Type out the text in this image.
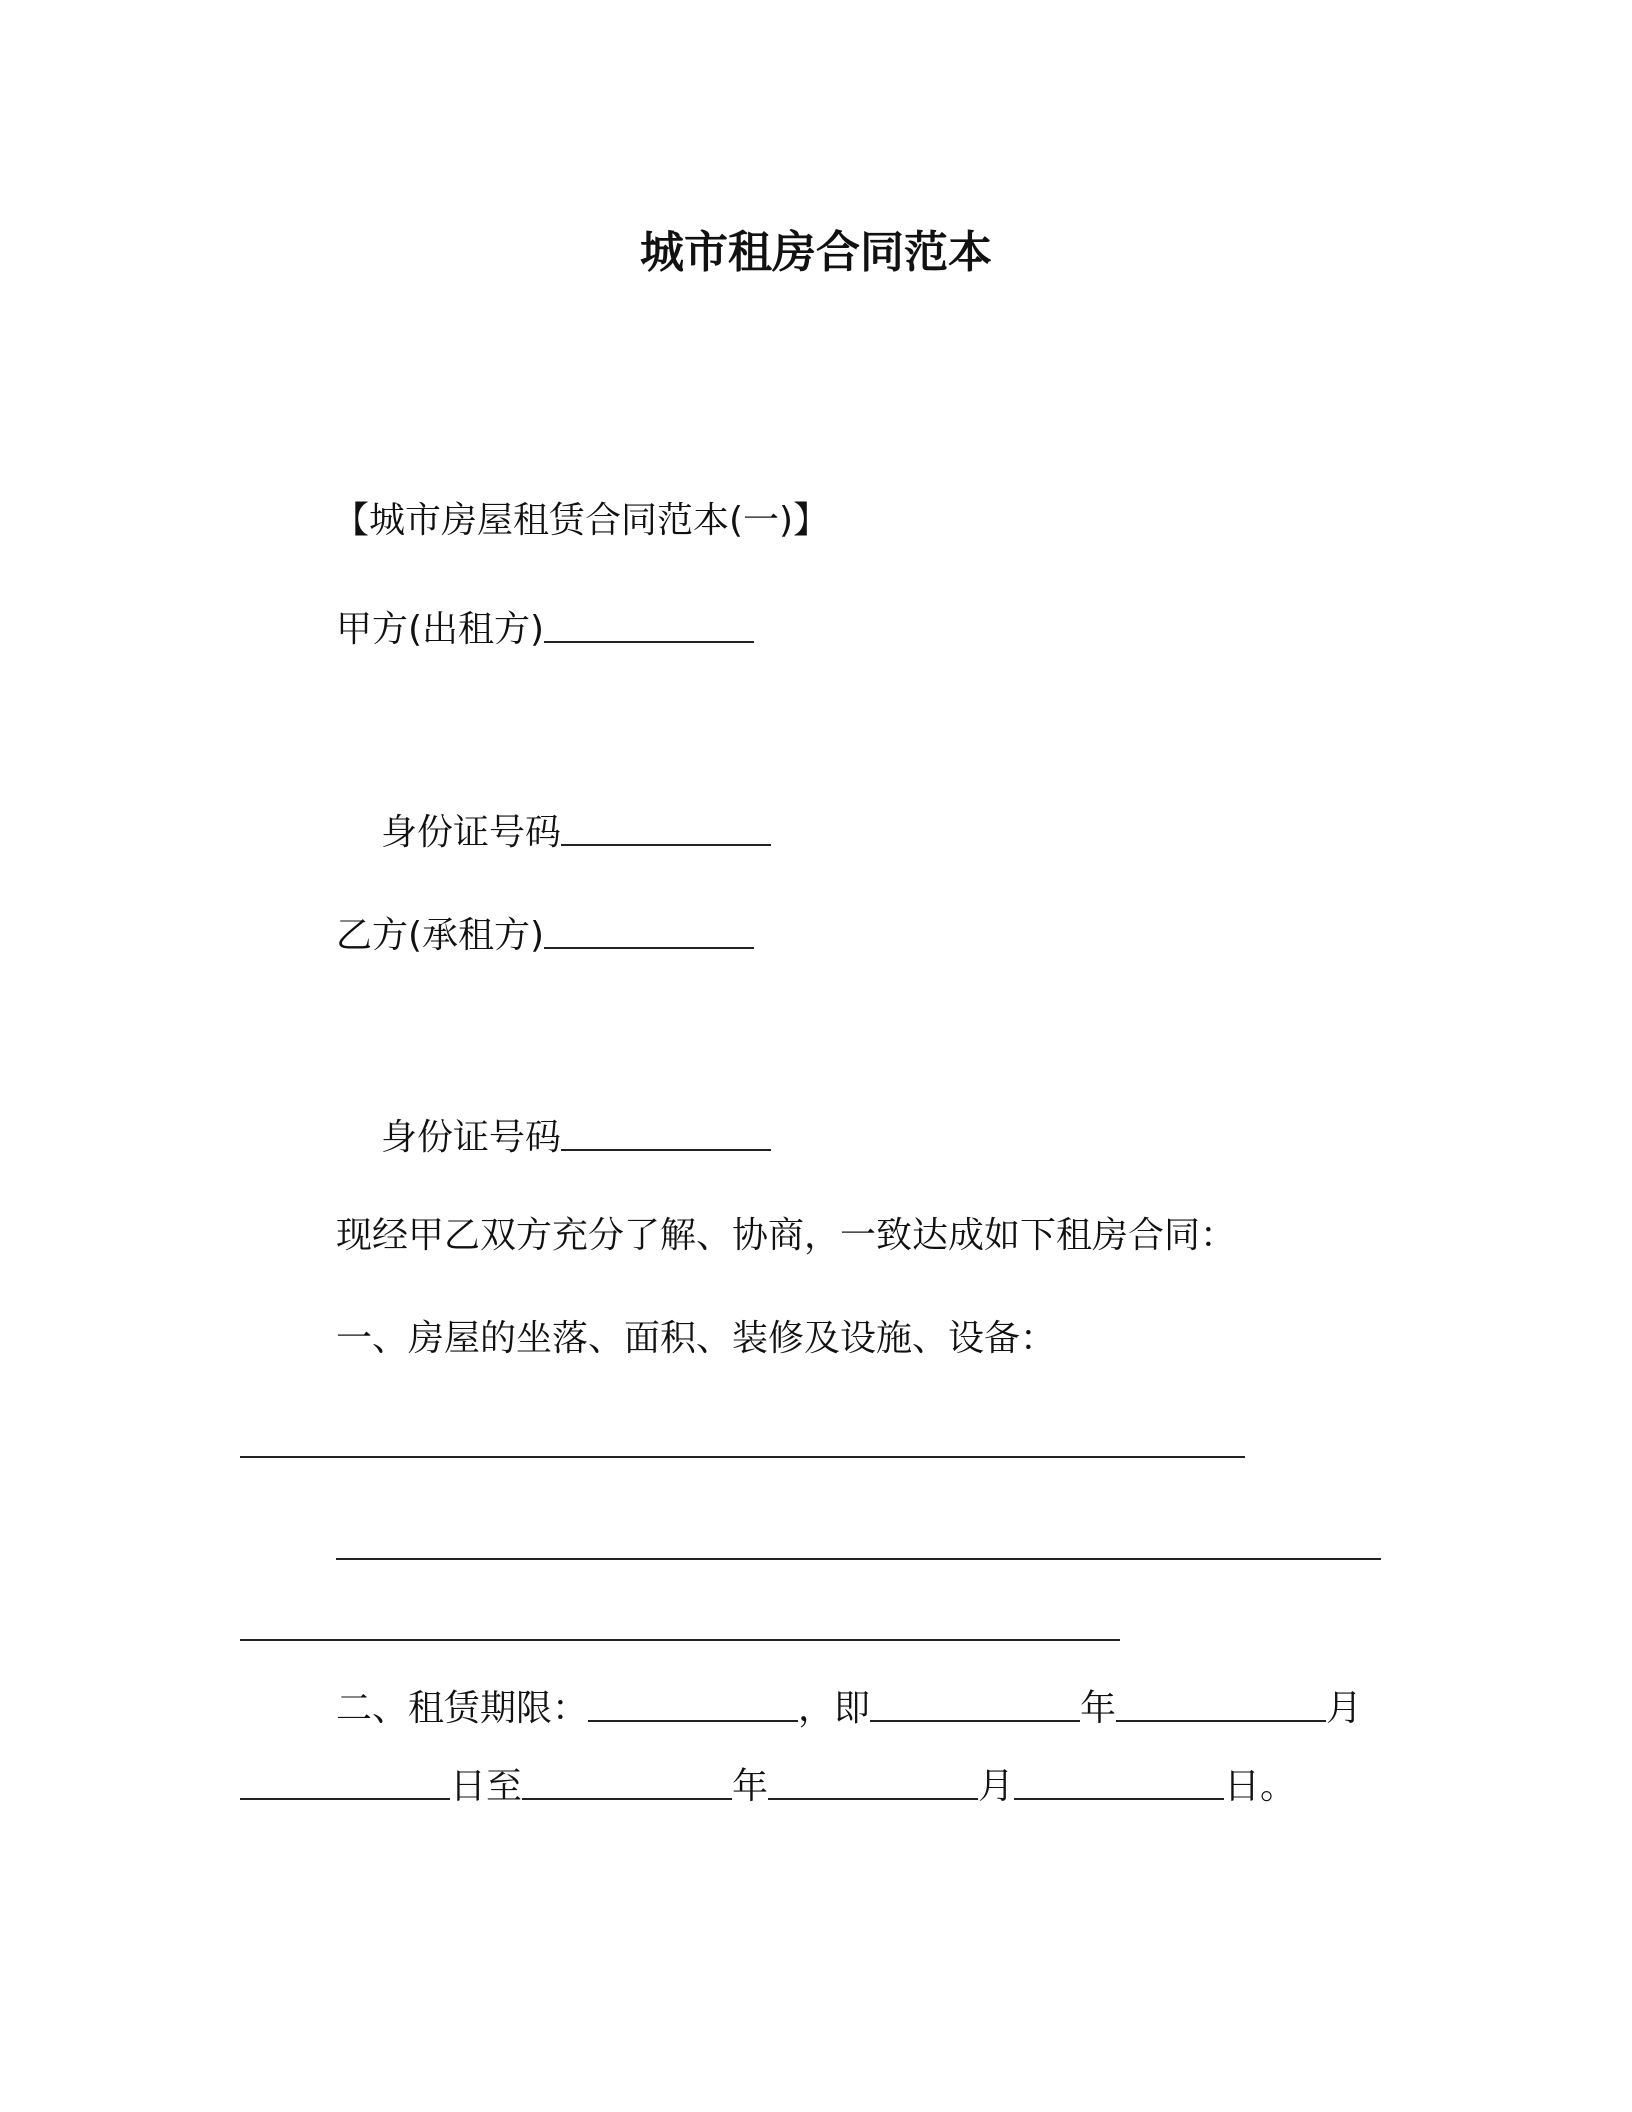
城市租房合同范本

【城市房屋租赁合同范本(一)】

甲方(出租方)

身份证号码

乙方(承租方)

身份证号码

现经甲乙双方充分了解、协商，一致达成如下租房合同：

一、房屋的坐落、面积、装修及设施、设备：

二、租赁期限：	，即	年	月

日至	年	月	日。
